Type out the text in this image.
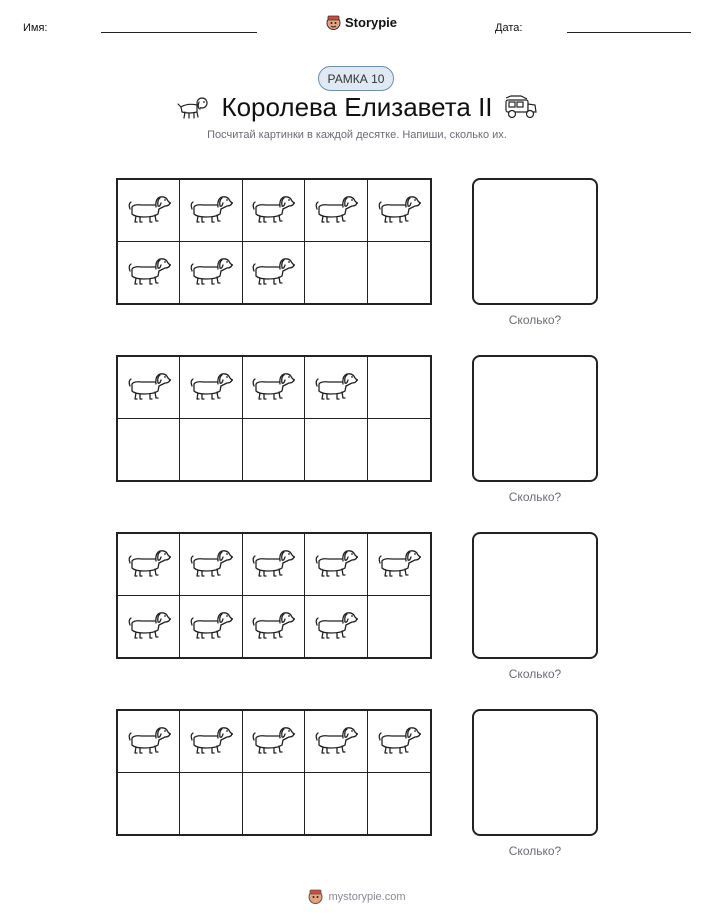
Имя:	Storypie	Дата:
РАМКА 10
Королева Елизавета II
Посчитай картинки в каждой десятке. Напиши, сколько их.
Сколько?
Сколько?
Сколько?
Сколько?
mystorypie.com
